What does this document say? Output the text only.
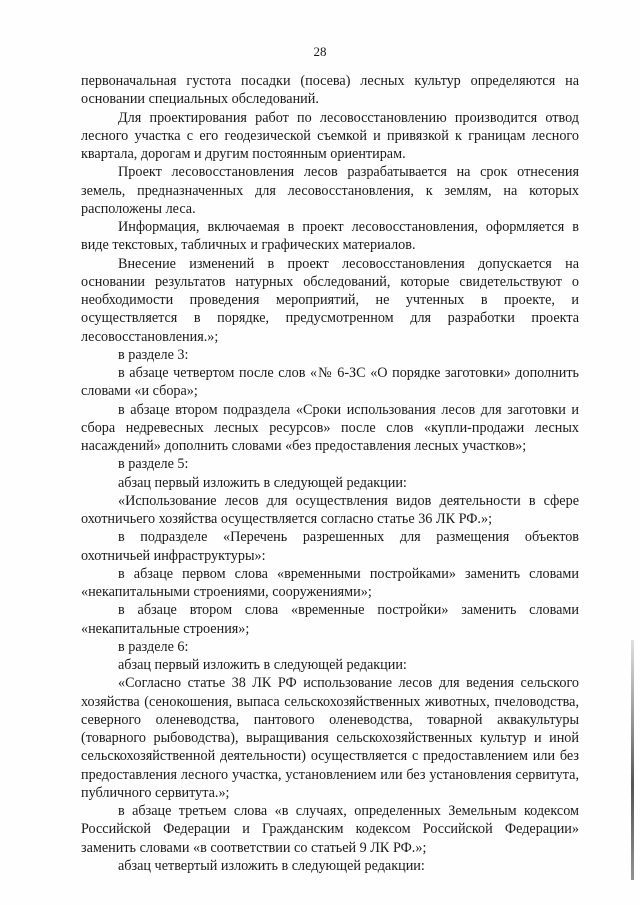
28

первоначальная густота посадки (посева) лесных культур определяются на основании специальных обследований.

Для проектирования работ по лесовосстановлению производится отвод лесного участка с его геодезической съемкой и привязкой к границам лесного квартала, дорогам и другим постоянным ориентирам.

Проект лесовосстановления лесов разрабатывается на срок отнесения земель, предназначенных для лесовосстановления, к землям, на которых расположены леса.

Информация, включаемая в проект лесовосстановления, оформляется в виде текстовых, табличных и графических материалов.

Внесение изменений в проект лесовосстановления допускается на основании результатов натурных обследований, которые свидетельствуют о необходимости проведения мероприятий, не учтенных в проекте, и осуществляется в порядке, предусмотренном для разработки проекта лесовосстановления.»;

в разделе 3:

в абзаце четвертом после слов «№ 6-ЗС «О порядке заготовки» дополнить словами «и сбора»;

в абзаце втором подраздела «Сроки использования лесов для заготовки и сбора недревесных лесных ресурсов» после слов «купли-продажи лесных насаждений» дополнить словами «без предоставления лесных участков»;

в разделе 5:

абзац первый изложить в следующей редакции:

«Использование лесов для осуществления видов деятельности в сфере охотничьего хозяйства осуществляется согласно статье 36 ЛК РФ.»;

в подразделе «Перечень разрешенных для размещения объектов охотничьей инфраструктуры»:

в абзаце первом слова «временными постройками» заменить словами «некапитальными строениями, сооружениями»;

в абзаце втором слова «временные постройки» заменить словами «некапитальные строения»;

в разделе 6:

абзац первый изложить в следующей редакции:

«Согласно статье 38 ЛК РФ использование лесов для ведения сельского хозяйства (сенокошения, выпаса сельскохозяйственных животных, пчеловодства, северного оленеводства, пантового оленеводства, товарной аквакультуры (товарного рыбоводства), выращивания сельскохозяйственных культур и иной сельскохозяйственной деятельности) осуществляется с предоставлением или без предоставления лесного участка, установлением или без установления сервитута, публичного сервитута.»;

в абзаце третьем слова «в случаях, определенных Земельным кодексом Российской Федерации и Гражданским кодексом Российской Федерации» заменить словами «в соответствии со статьей 9 ЛК РФ.»;

абзац четвертый изложить в следующей редакции:
